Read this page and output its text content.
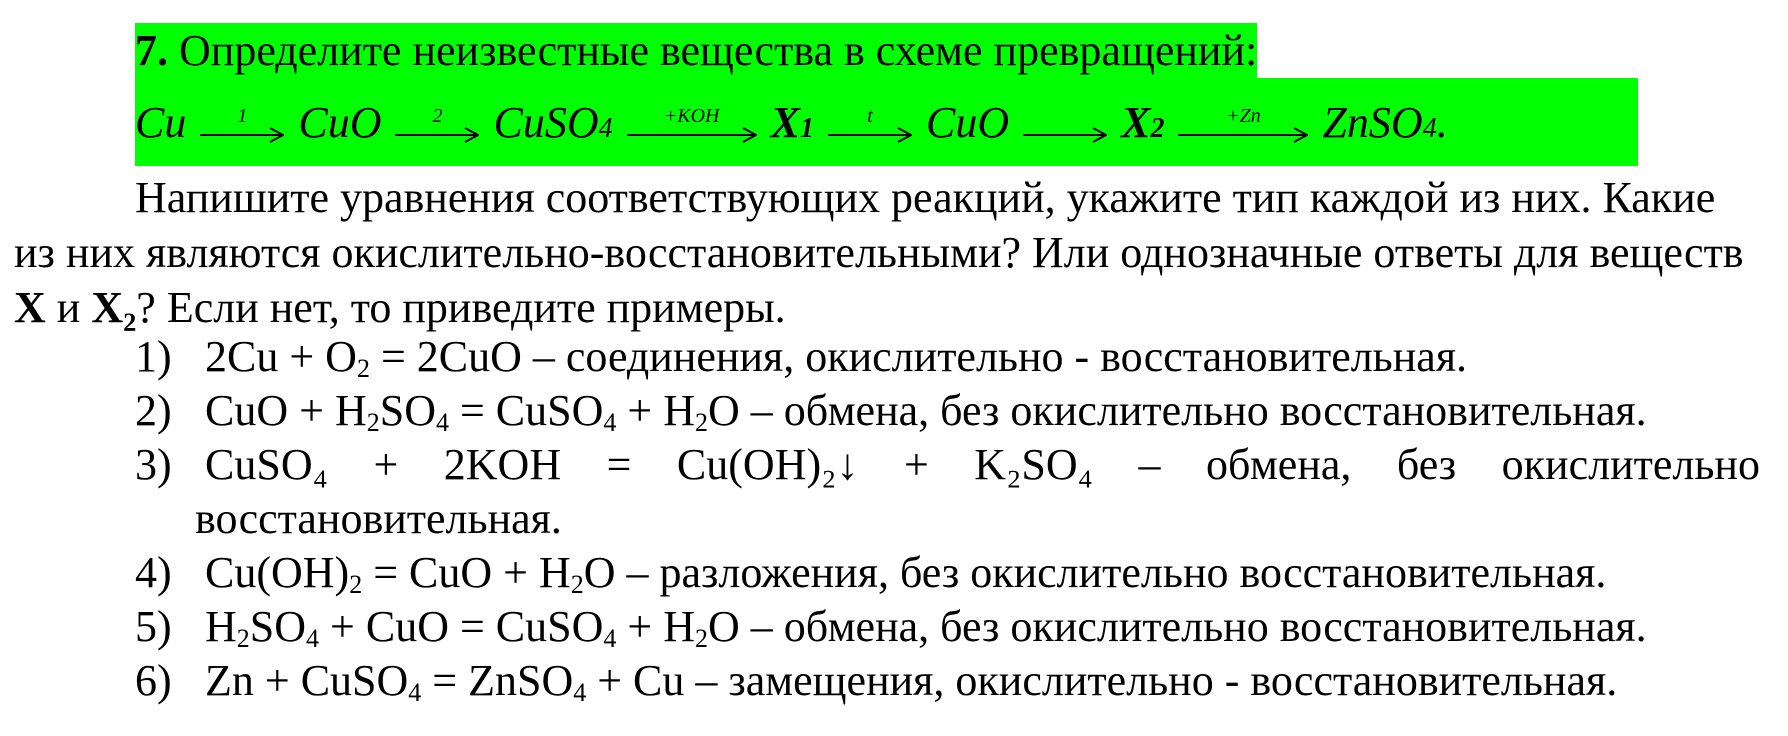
7. Определите неизвестные вещества в схеме превращений:
Cu	1	CuO	2	CuSO 4	+KOH	X 1	t	CuO → X 2	+Zn	ZnSO 4 .
Напишите уравнения соответствующих реакций, укажите тип каждой из них. Какие из них являются окислительно-восстановительными? Или однозначные ответы для веществ X и X₂? Если нет, то приведите примеры.
1) $2Cu + O_2 = 2CuO$ – соединения, окислительно - восстановительная.
2) CuO + $H_2SO_4$ = CuSO$_4$ + $H_2O$ – обмена, без окислительно восстановительная.
3) CuSO₄ + 2KOH = Cu(OH)₂↓ + K₂SO₄ – обмена, без окислительно
восстановительная.
4) $Cu(OH)_2$ = CuO + $H_2O$ – разложения, без окислительно восстановительная.
5) $H_2SO_4$ + CuO = CuSO$_4$ + $H_2O$ – обмена, без окислительно восстановительная.
6) Zn + CuSO$_4$ = ZnSO$_4$ + Cu – замещения, окислительно - восстановительная.
